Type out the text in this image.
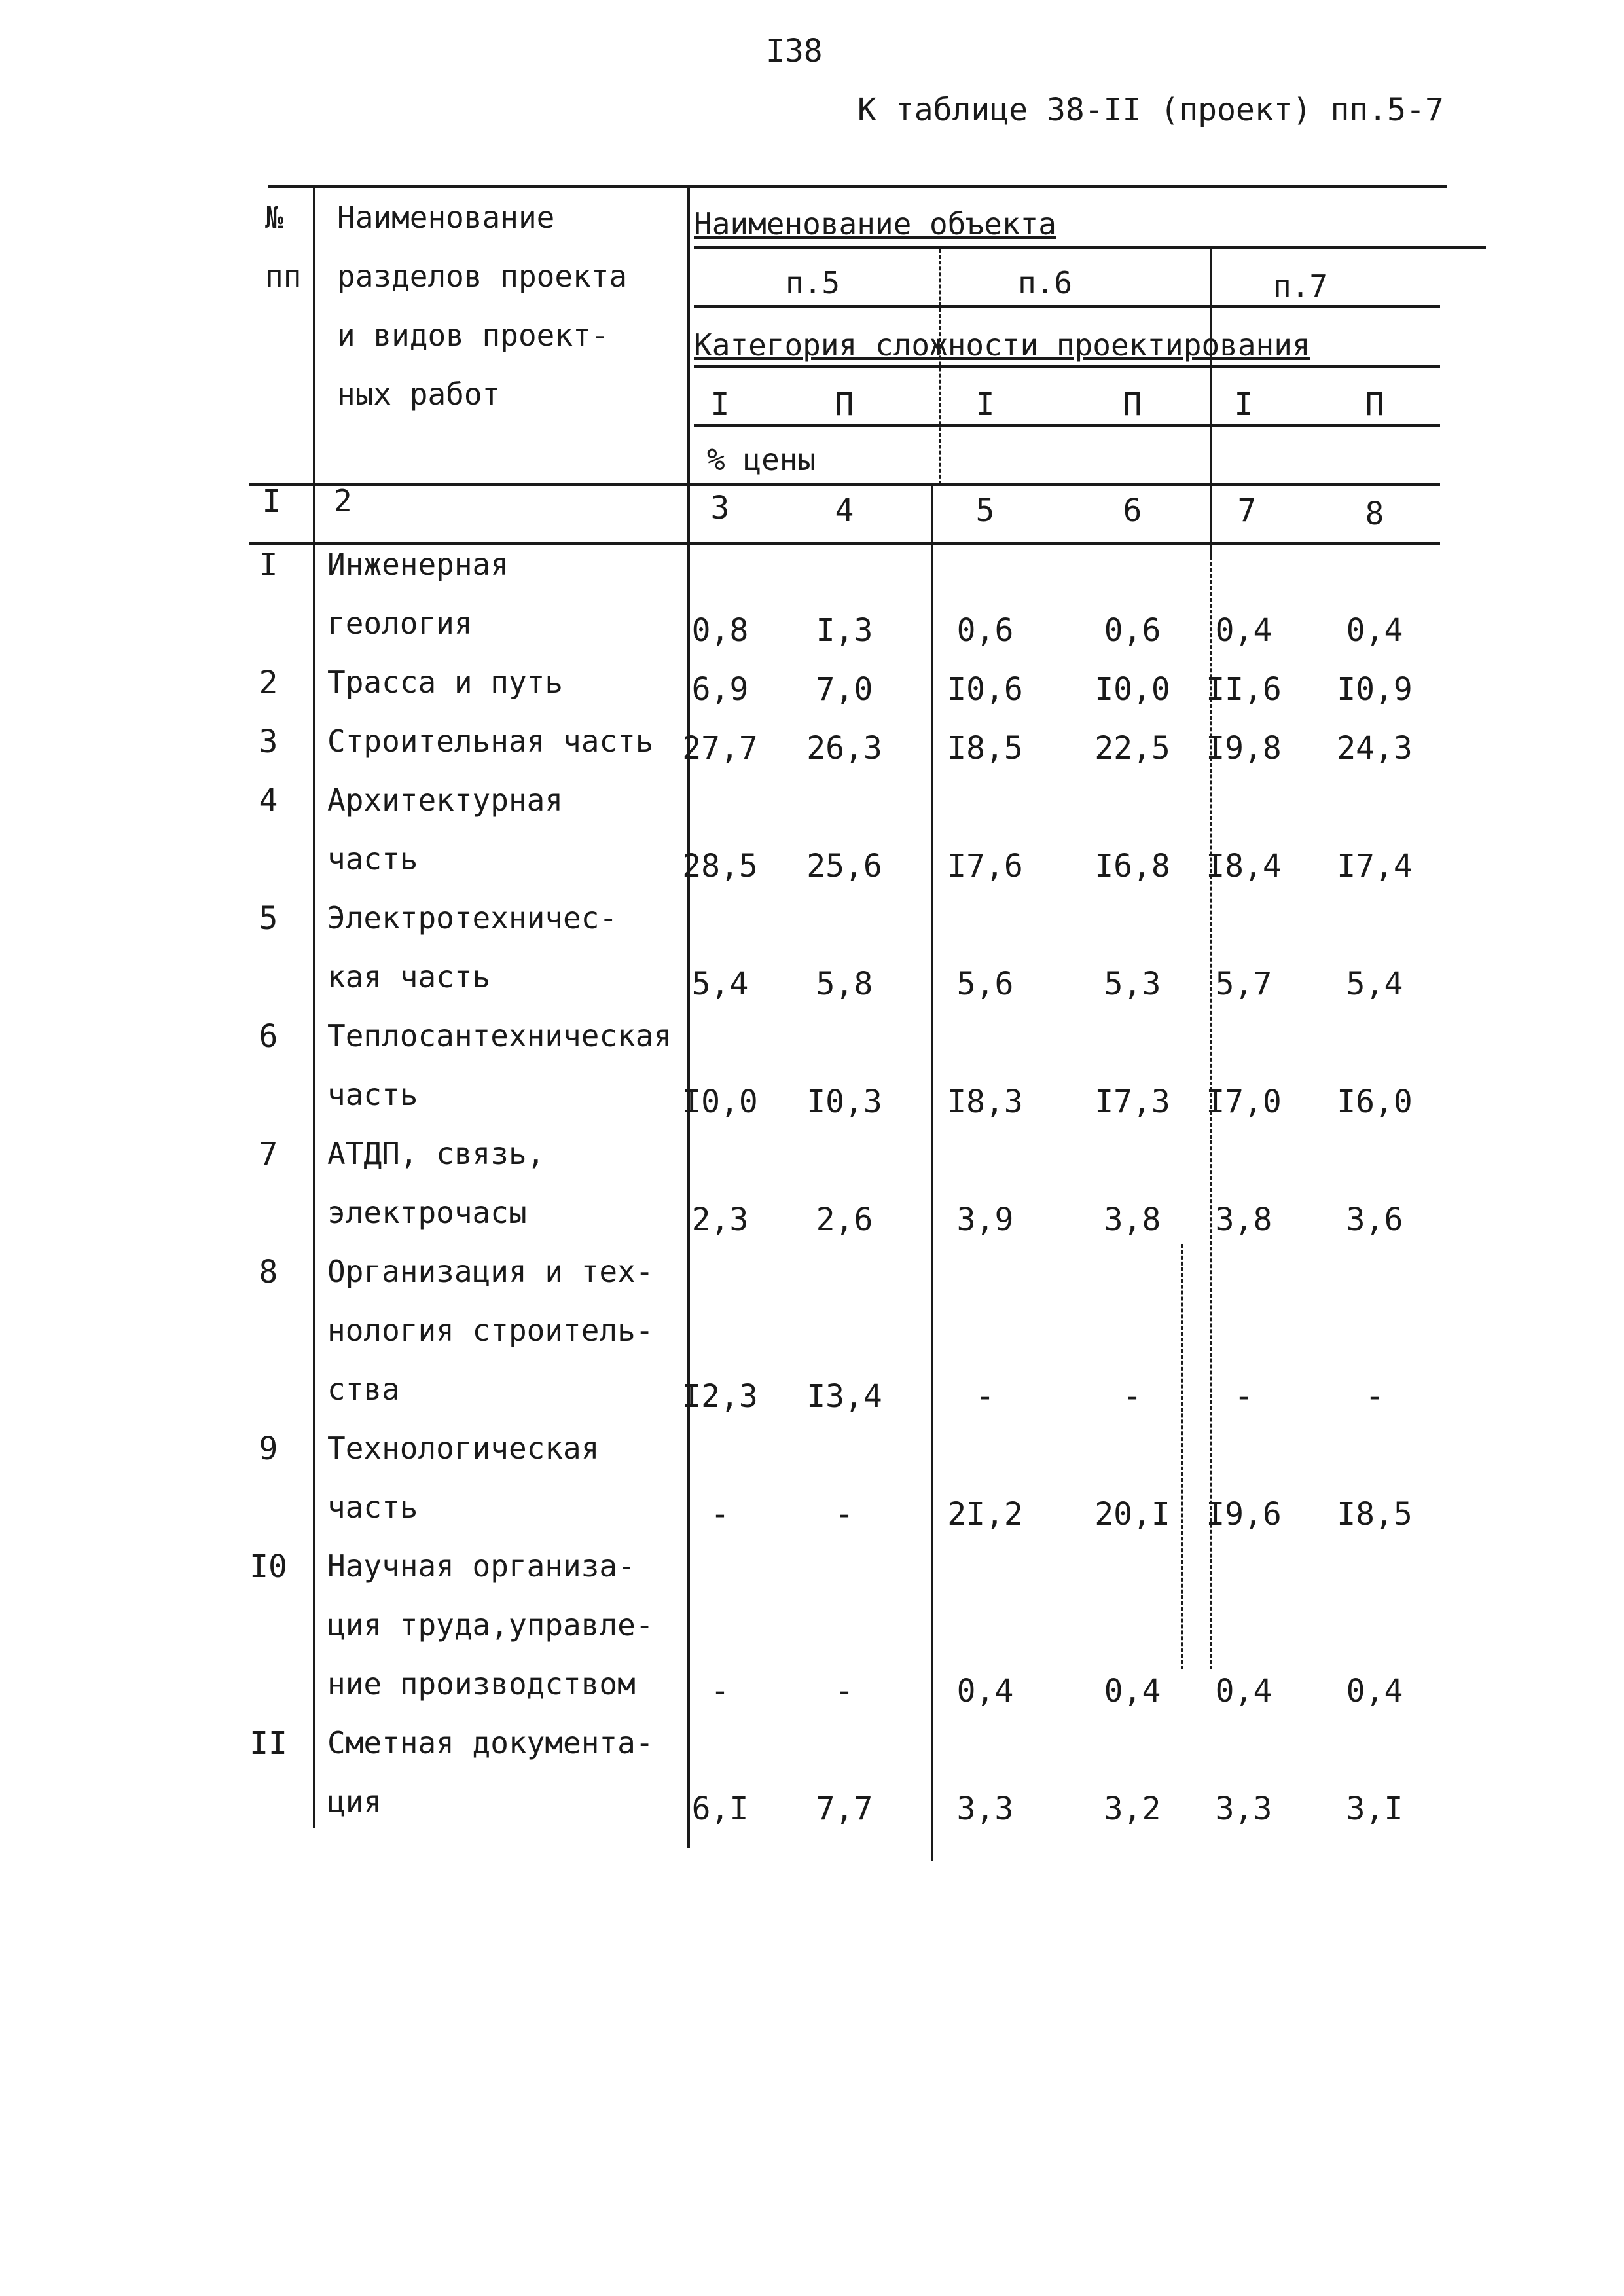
I38
К таблице 38-II (проект) пп.5-7
№
пп
Наименование
разделов проекта
и видов проект-
ных работ
Наименование объекта
п.5	п.6	п.7
Категория сложности проектирования
I	П	I	П	I	П
% цены
I	2	3	4	5	6	7	8
I	Инженерная
геология	0,8	I,3	0,6	0,6	0,4	0,4
2	Трасса и путь	6,9	7,0	I0,6	I0,0	II,6	I0,9
3	Строительная часть 27,7	26,3	I8,5	22,5	I9,8	24,3
4	Архитектурная
часть	28,5	25,6	I7,6	I6,8	I8,4	I7,4
5	Электротехничес-
кая часть	5,4	5,8	5,6	5,3	5,7	5,4
6	Теплосантехническая
часть	I0,0	I0,3	I8,3	I7,3	I7,0	I6,0
7	АТДП, связь,
электрочасы	2,3	2,6	3,9	3,8	3,8	3,6
8	Организация и тех-
нология строитель-
ства	I2,3	I3,4	-	-	-	-
9	Технологическая
часть	-	-	2I,2	20,I	I9,6	I8,5
I0 Научная организа-
ция труда,управле-
ние производством	-	-	0,4	0,4	0,4	0,4
II Сметная документа-
ция	6,I	7,7	3,3	3,2	3,3	3,I
